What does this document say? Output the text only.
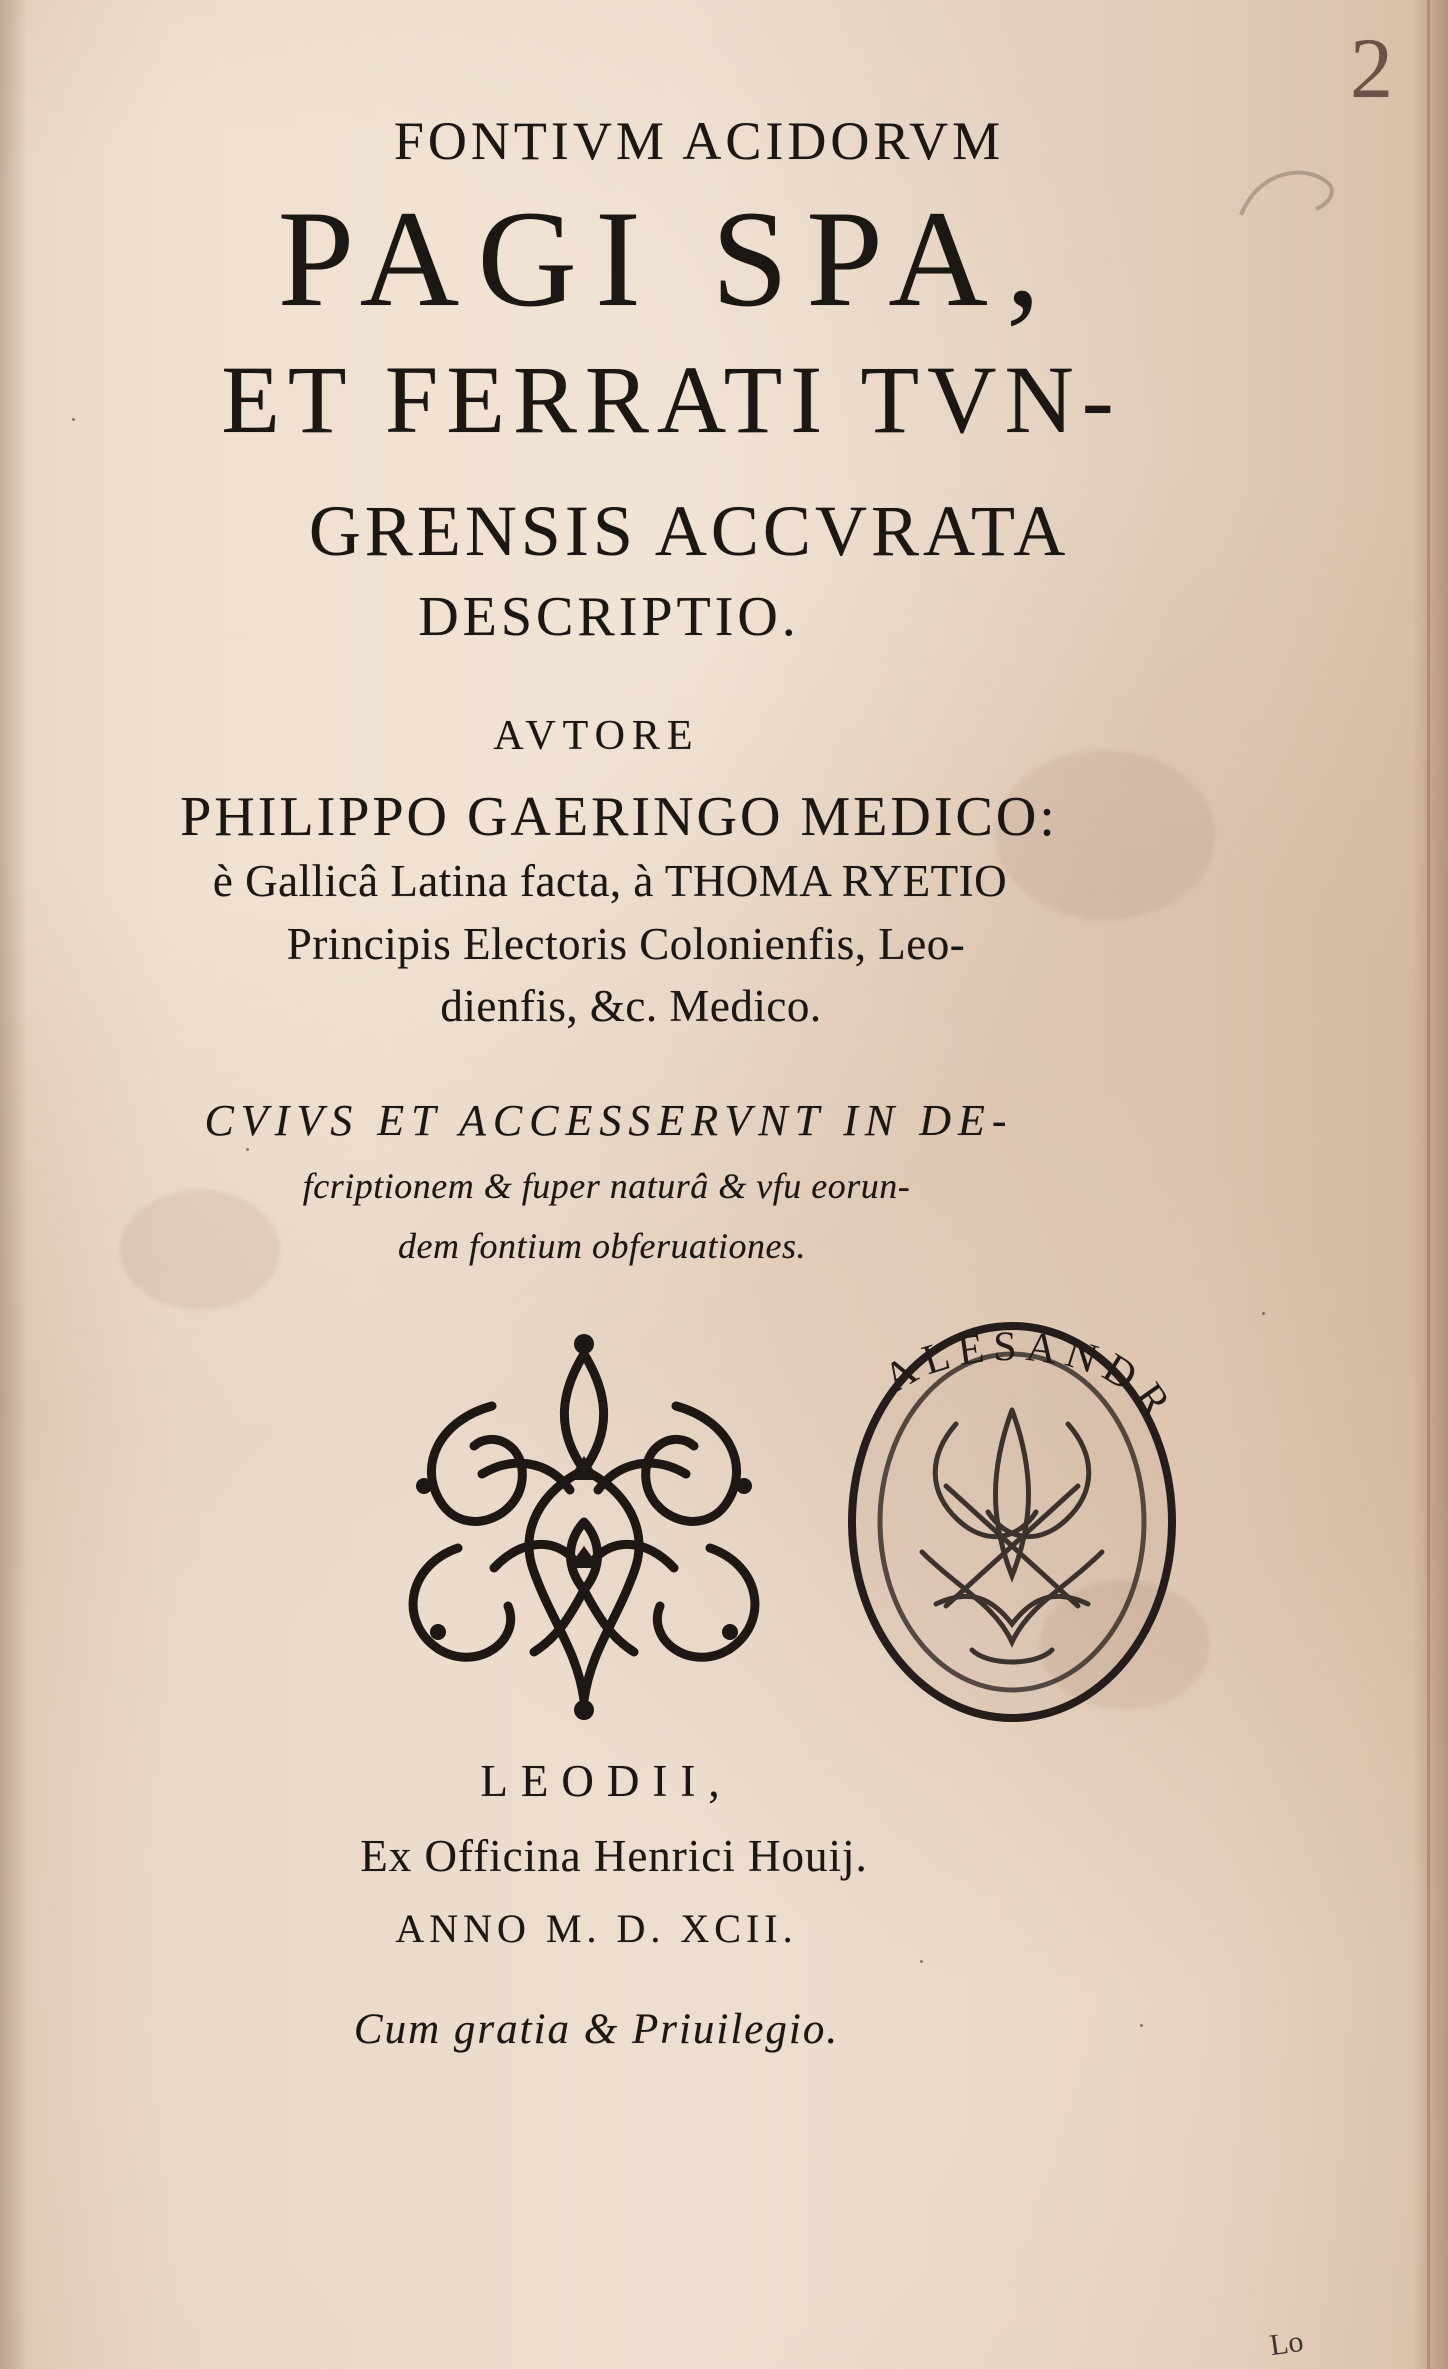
2
FONTIVM ACIDORVM
PAGI SPA,
ET FERRATI TVN-
GRENSIS ACCVRATA
DESCRIPTIO.
AVTORE
PHILIPPO GAERINGO MEDICO:
è Gallicâ Latina facta, à THOMA RYETIO
Principis Electoris Colonienfis, Leo-
dienfis, &c. Medico.
CVIVS ET ACCESSERVNT IN DE-
fcriptionem & fuper naturâ & vfu eorun-
dem fontium obferuationes.
ALESANDR
LEODII,
Ex Officina Henrici Houij.
ANNO M. D. XCII.
Cum gratia & Priuilegio.
Lo
